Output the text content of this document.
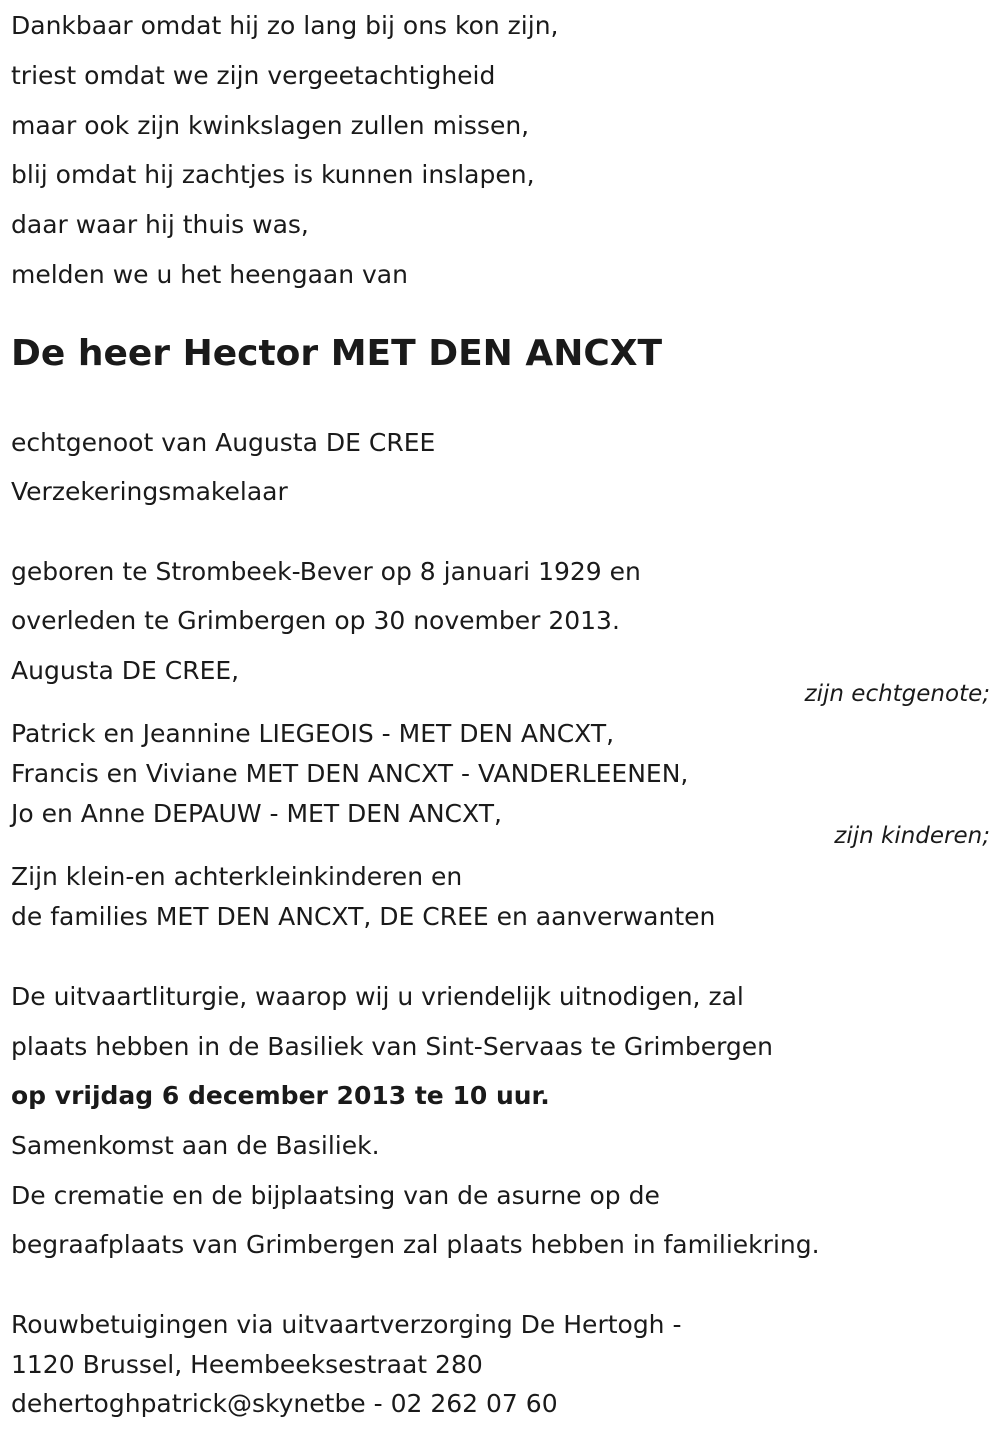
Dankbaar omdat hij zo lang bij ons kon zijn,
triest omdat we zijn vergeetachtigheid
maar ook zijn kwinkslagen zullen missen,
blij omdat hij zachtjes is kunnen inslapen,
daar waar hij thuis was,
melden we u het heengaan van
De heer Hector MET DEN ANCXT
echtgenoot van Augusta DE CREE
Verzekeringsmakelaar
geboren te Strombeek-Bever op 8 januari 1929 en
overleden te Grimbergen op 30 november 2013.
Augusta DE CREE,
zijn echtgenote;
Patrick en Jeannine LIEGEOIS - MET DEN ANCXT,
Francis en Viviane MET DEN ANCXT - VANDERLEENEN,
Jo en Anne DEPAUW - MET DEN ANCXT,
zijn kinderen;
Zijn klein-en achterkleinkinderen en
de families MET DEN ANCXT, DE CREE en aanverwanten
De uitvaartliturgie, waarop wij u vriendelijk uitnodigen, zal
plaats hebben in de Basiliek van Sint-Servaas te Grimbergen
op vrijdag 6 december 2013 te 10 uur.
Samenkomst aan de Basiliek.
De crematie en de bijplaatsing van de asurne op de
begraafplaats van Grimbergen zal plaats hebben in familiekring.
Rouwbetuigingen via uitvaartverzorging De Hertogh -
1120 Brussel, Heembeeksestraat 280
dehertoghpatrick@skynetbe - 02 262 07 60
